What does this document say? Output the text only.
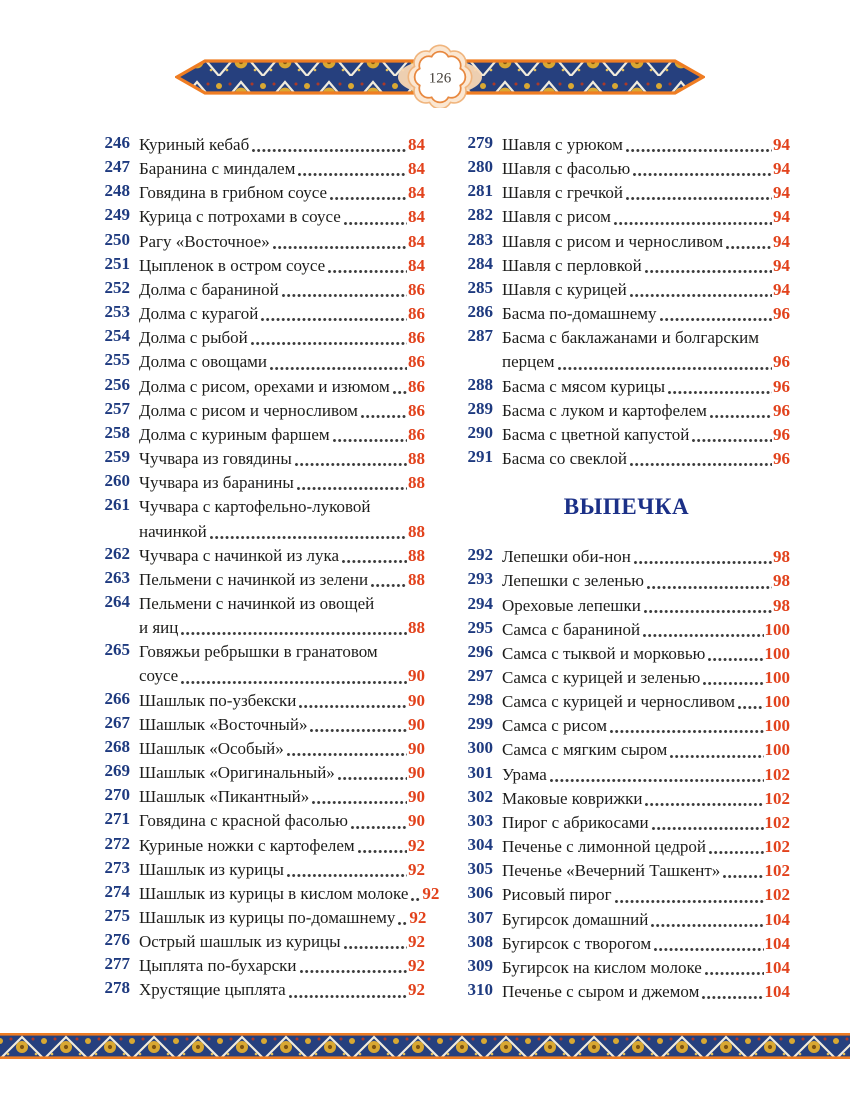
126
246 Куриный кебаб	84
247 Баранина с миндалем	84
248 Говядина в грибном соусе	84
249 Курица с потрохами в соусе	84
250 Рагу «Восточное»	84
251 Цыпленок в остром соусе	84
252 Долма с бараниной	86
253 Долма с курагой	86
254 Долма с рыбой	86
255 Долма с овощами	86
256 Долма с рисом, орехами и изюмом 86
257 Долма с рисом и черносливом	86
258 Долма с куриным фаршем	86
259 Чучвара из говядины	88
260 Чучвара из баранины	88
261 Чучвара с картофельно-луковой
начинкой	88
262 Чучвара с начинкой из лука	88
263 Пельмени с начинкой из зелени 88
264 Пельмени с начинкой из овощей
и яиц	88
265 Говяжьи ребрышки в гранатовом
соусе	90
266 Шашлык по-узбекски	90
267 Шашлык «Восточный»	90
268 Шашлык «Особый»	90
269 Шашлык «Оригинальный»	90
270 Шашлык «Пикантный»	90
271 Говядина с красной фасолью	90
272 Куриные ножки с картофелем	92
273 Шашлык из курицы	92
274 Шашлык из курицы в кислом молоке 92
275 Шашлык из курицы по-домашнему 92
276 Острый шашлык из курицы	92
277 Цыплята по-бухарски	92
278 Хрустящие цыплята	92
279 Шавля с урюком	94
280 Шавля с фасолью	94
281 Шавля с гречкой	94
282 Шавля с рисом	94
283 Шавля с рисом и черносливом	94
284 Шавля с перловкой	94
285 Шавля с курицей	94
286 Басма по-домашнему	96
287 Басма с баклажанами и болгарским
перцем	96
288 Басма с мясом курицы	96
289 Басма с луком и картофелем	96
290 Басма с цветной капустой	96
291 Басма со свеклой	96
ВЫПЕЧКА
292 Лепешки оби-нон	98
293 Лепешки с зеленью	98
294 Ореховые лепешки	98
295 Самса с бараниной	100
296 Самса с тыквой и морковью	100
297 Самса с курицей и зеленью	100
298 Самса с курицей и черносливом 100
299 Самса с рисом	100
300 Самса с мягким сыром	100
301 Урама	102
302 Маковые коврижки	102
303 Пирог с абрикосами	102
304 Печенье с лимонной цедрой	102
305 Печенье «Вечерний Ташкент»	102
306 Рисовый пирог	102
307 Бугирсок домашний	104
308 Бугирсок с творогом	104
309 Бугирсок на кислом молоке	104
310 Печенье с сыром и джемом	104
